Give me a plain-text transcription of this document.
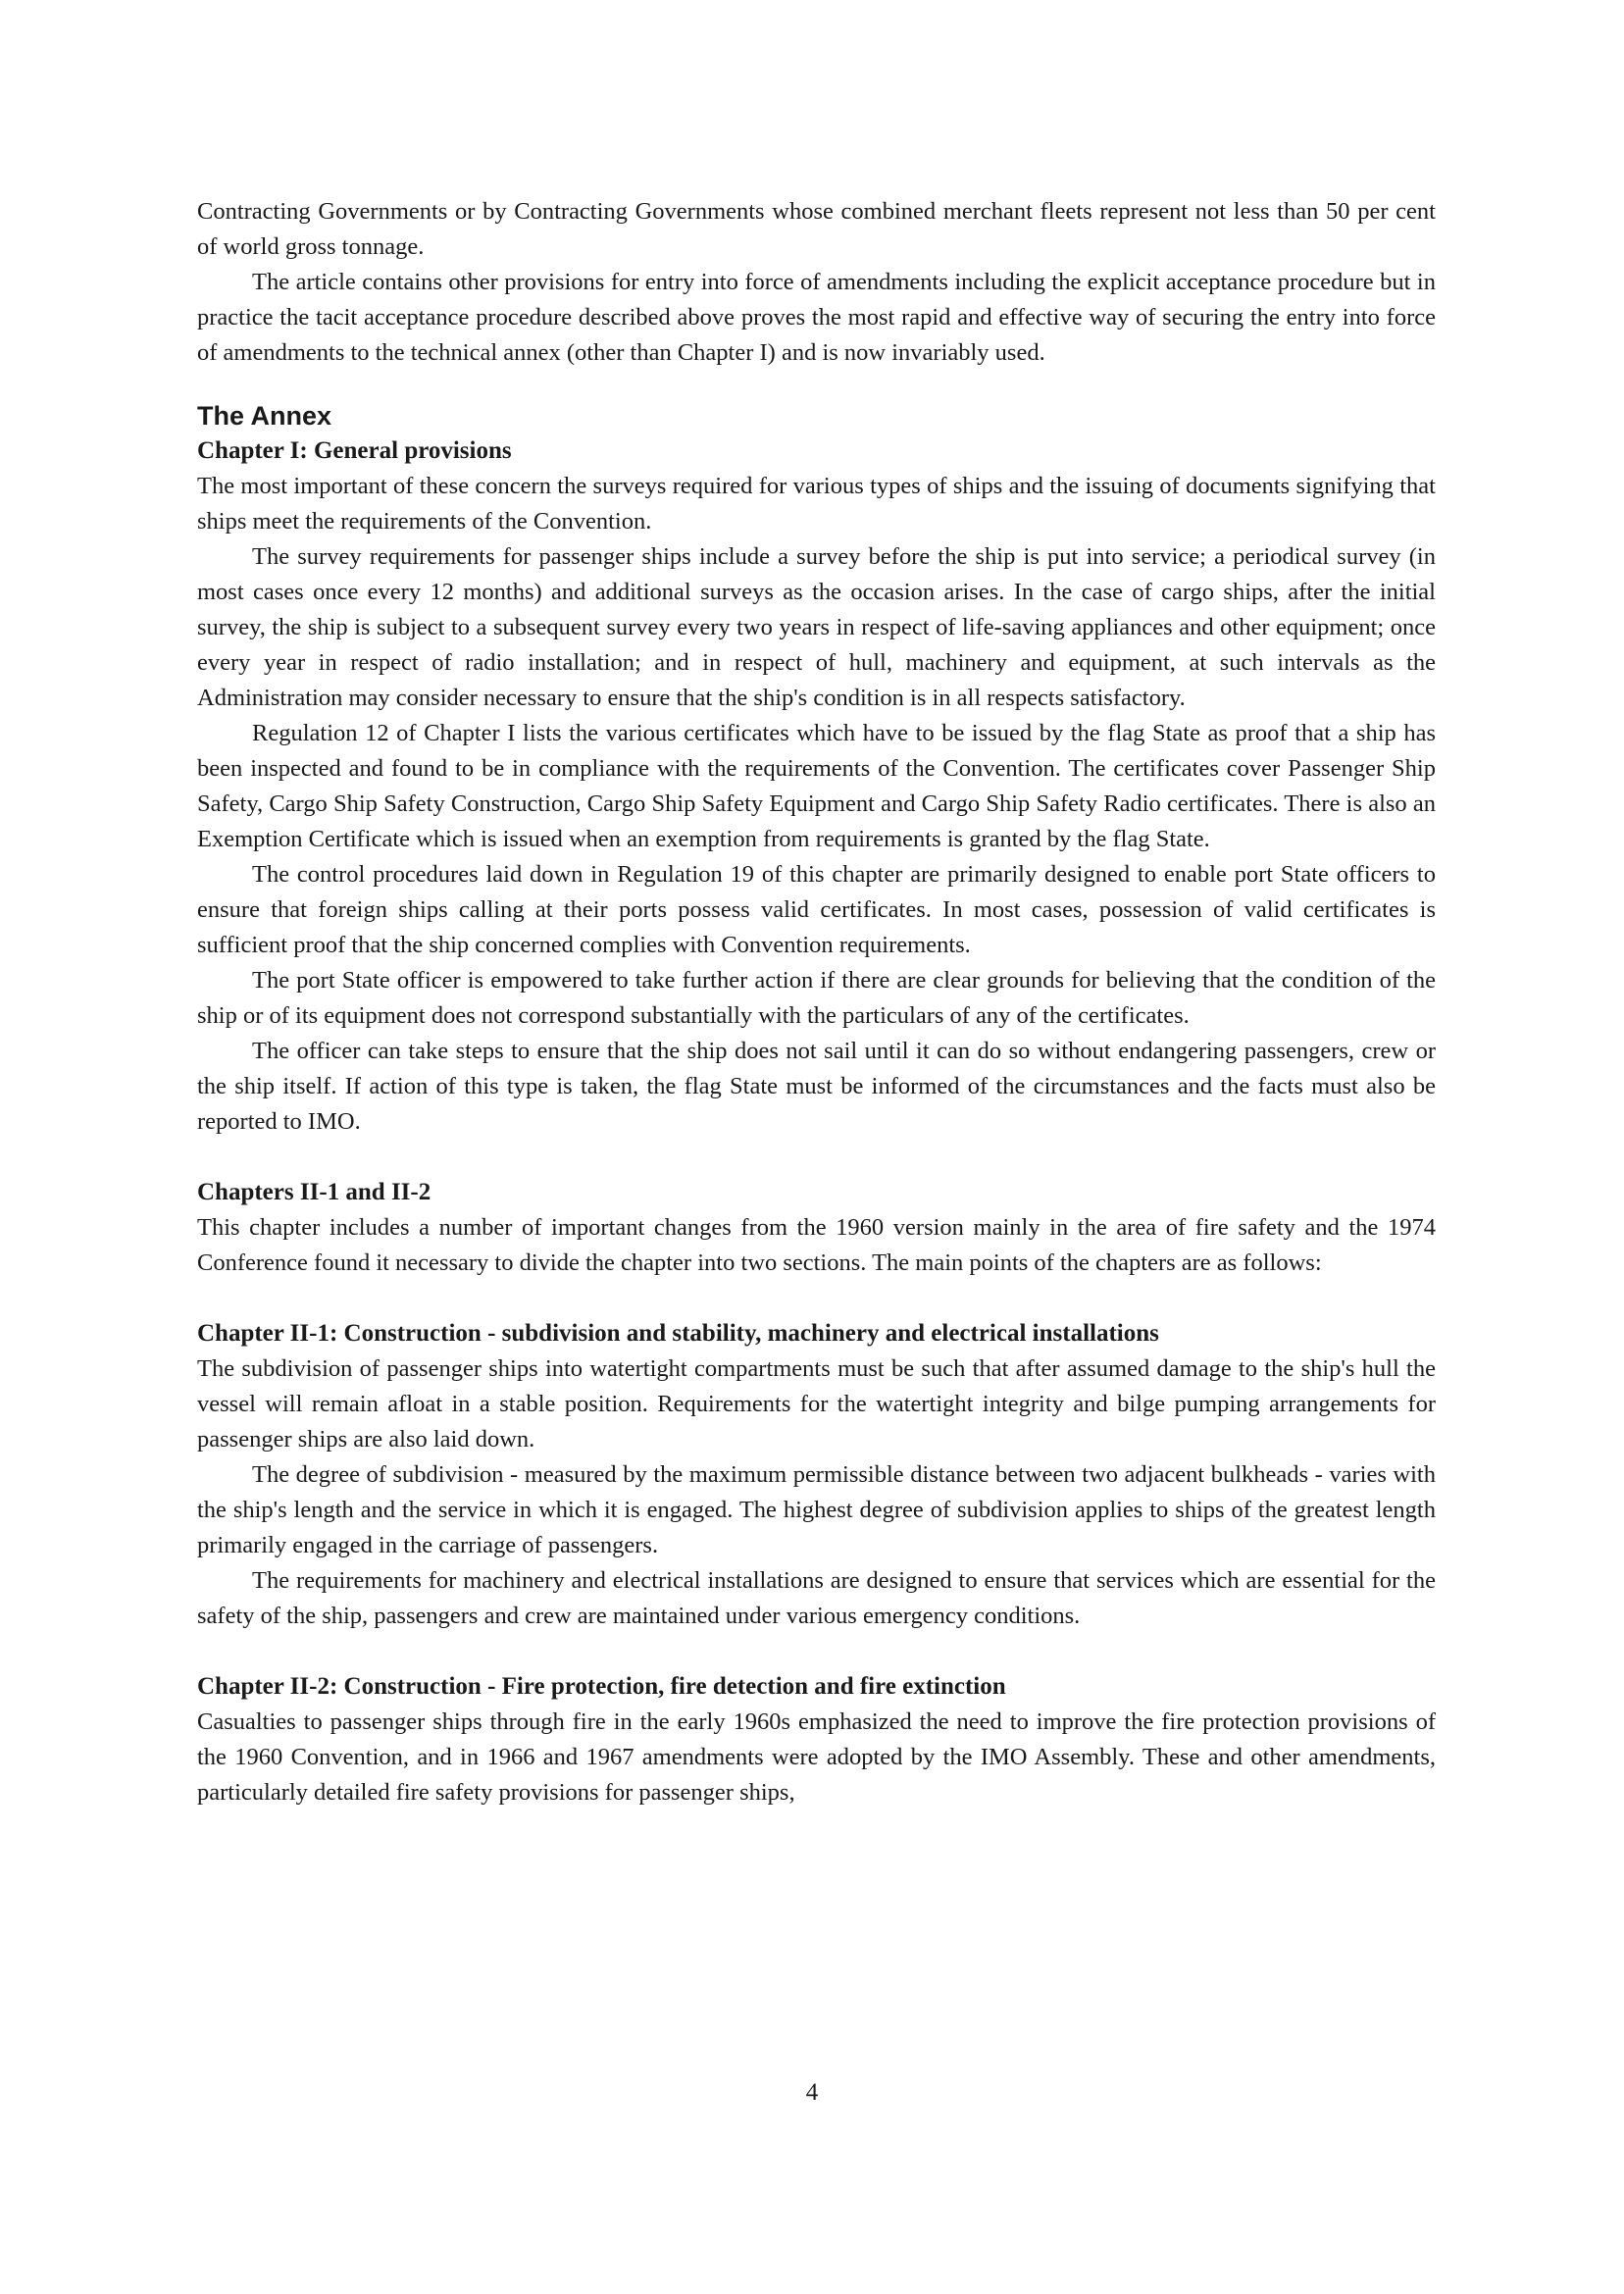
Contracting Governments or by Contracting Governments whose combined merchant fleets represent not less than 50 per cent of world gross tonnage.

The article contains other provisions for entry into force of amendments including the explicit acceptance procedure but in practice the tacit acceptance procedure described above proves the most rapid and effective way of securing the entry into force of amendments to the technical annex (other than Chapter I) and is now invariably used.

The Annex
Chapter I: General provisions

The most important of these concern the surveys required for various types of ships and the issuing of documents signifying that ships meet the requirements of the Convention.

The survey requirements for passenger ships include a survey before the ship is put into service; a periodical survey (in most cases once every 12 months) and additional surveys as the occasion arises. In the case of cargo ships, after the initial survey, the ship is subject to a subsequent survey every two years in respect of life-saving appliances and other equipment; once every year in respect of radio installation; and in respect of hull, machinery and equipment, at such intervals as the Administration may consider necessary to ensure that the ship's condition is in all respects satisfactory.

Regulation 12 of Chapter I lists the various certificates which have to be issued by the flag State as proof that a ship has been inspected and found to be in compliance with the requirements of the Convention. The certificates cover Passenger Ship Safety, Cargo Ship Safety Construction, Cargo Ship Safety Equipment and Cargo Ship Safety Radio certificates. There is also an Exemption Certificate which is issued when an exemption from requirements is granted by the flag State.

The control procedures laid down in Regulation 19 of this chapter are primarily designed to enable port State officers to ensure that foreign ships calling at their ports possess valid certificates. In most cases, possession of valid certificates is sufficient proof that the ship concerned complies with Convention requirements.

The port State officer is empowered to take further action if there are clear grounds for believing that the condition of the ship or of its equipment does not correspond substantially with the particulars of any of the certificates.

The officer can take steps to ensure that the ship does not sail until it can do so without endangering passengers, crew or the ship itself. If action of this type is taken, the flag State must be informed of the circumstances and the facts must also be reported to IMO.

Chapters II-1 and II-2

This chapter includes a number of important changes from the 1960 version mainly in the area of fire safety and the 1974 Conference found it necessary to divide the chapter into two sections. The main points of the chapters are as follows:

Chapter II-1: Construction - subdivision and stability, machinery and electrical installations

The subdivision of passenger ships into watertight compartments must be such that after assumed damage to the ship's hull the vessel will remain afloat in a stable position. Requirements for the watertight integrity and bilge pumping arrangements for passenger ships are also laid down.

The degree of subdivision - measured by the maximum permissible distance between two adjacent bulkheads - varies with the ship's length and the service in which it is engaged. The highest degree of subdivision applies to ships of the greatest length primarily engaged in the carriage of passengers.

The requirements for machinery and electrical installations are designed to ensure that services which are essential for the safety of the ship, passengers and crew are maintained under various emergency conditions.

Chapter II-2: Construction - Fire protection, fire detection and fire extinction

Casualties to passenger ships through fire in the early 1960s emphasized the need to improve the fire protection provisions of the 1960 Convention, and in 1966 and 1967 amendments were adopted by the IMO Assembly. These and other amendments, particularly detailed fire safety provisions for passenger ships,

4
